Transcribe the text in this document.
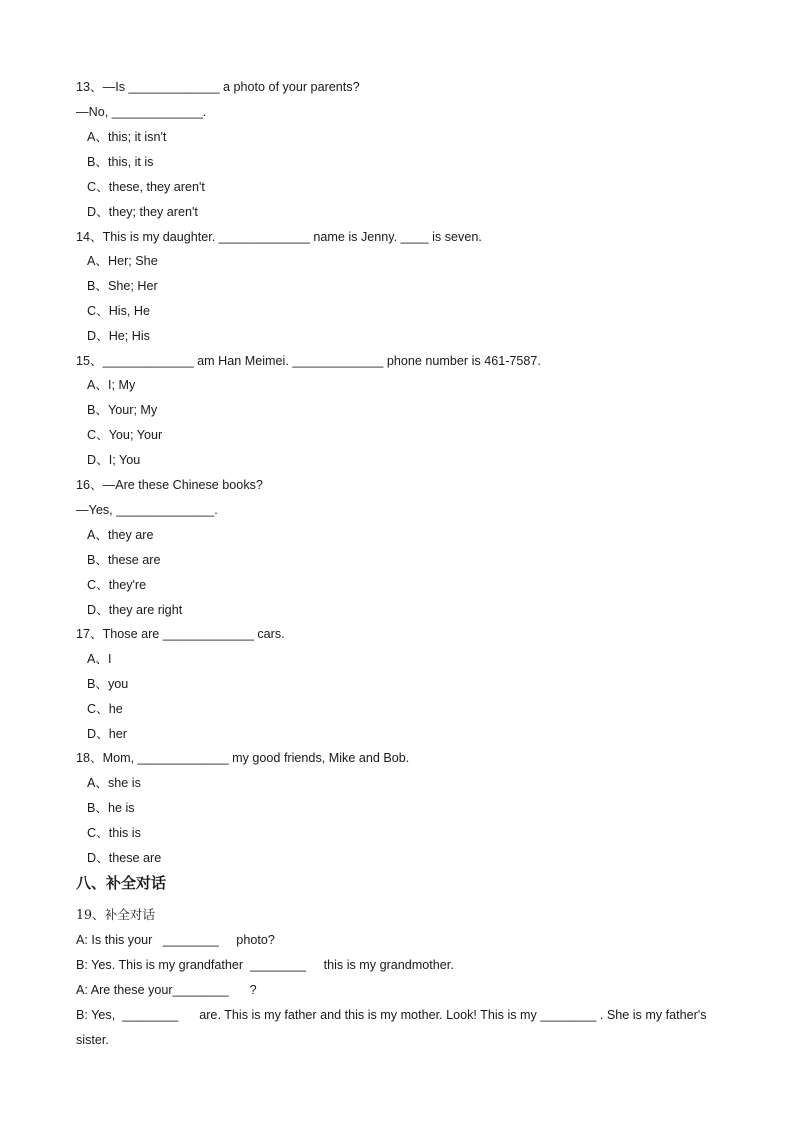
13、—Is _____________ a photo of your parents?
—No, _____________.
A、this; it isn't
B、this, it is
C、these, they aren't
D、they; they aren't
14、This is my daughter. _____________ name is Jenny. ____ is seven.
A、Her; She
B、She; Her
C、His, He
D、He; His
15、_____________ am Han Meimei. _____________ phone number is 461-7587.
A、I; My
B、Your; My
C、You; Your
D、I; You
16、—Are these Chinese books?
—Yes, ______________.
A、they are
B、these are
C、they're
D、they are right
17、Those are _____________ cars.
A、I
B、you
C、he
D、her
18、Mom, _____________ my good friends, Mike and Bob.
A、she is
B、he is
C、this is
D、these are
八、补全对话
19、补全对话
A: Is this your   ________     photo?
B: Yes. This is my grandfather  ________     this is my grandmother.
A: Are these your________      ?
B: Yes,  ________      are. This is my father and this is my mother. Look! This is my ________ . She is my father's
sister.
